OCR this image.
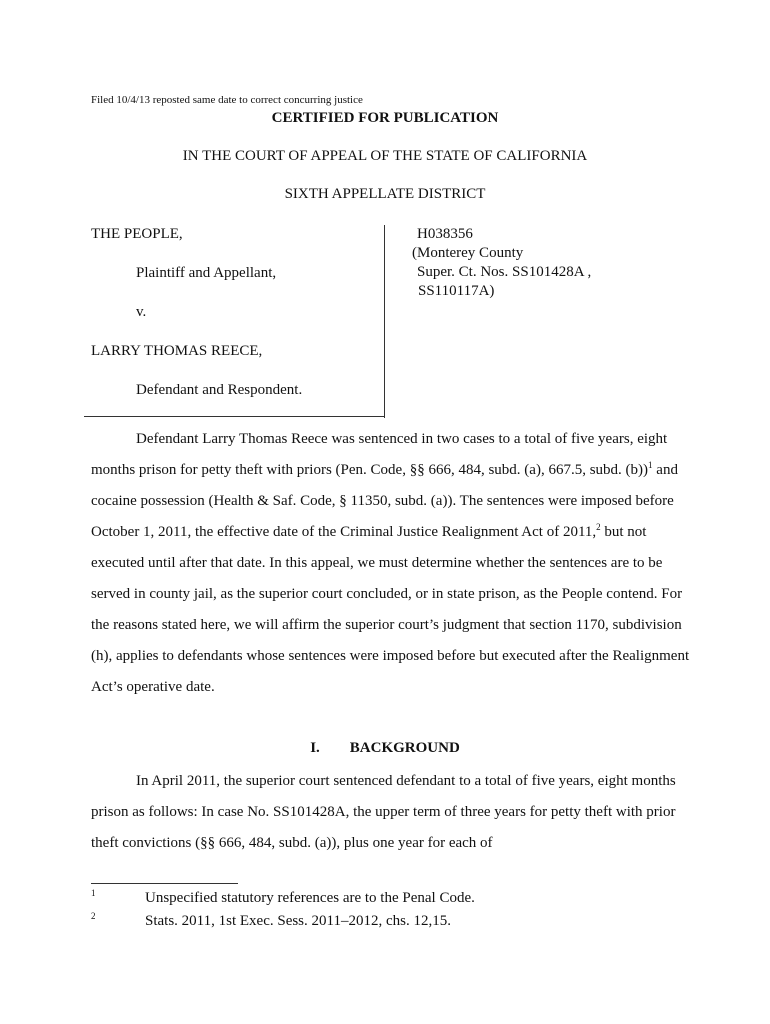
Filed 10/4/13 reposted same date to correct concurring justice
CERTIFIED FOR PUBLICATION
IN THE COURT OF APPEAL OF THE STATE OF CALIFORNIA
SIXTH APPELLATE DISTRICT
THE PEOPLE,
Plaintiff and Appellant,
v.
LARRY THOMAS REECE,
Defendant and Respondent.
H038356
(Monterey County
Super. Ct. Nos. SS101428A ,
SS110117A)

Defendant Larry Thomas Reece was sentenced in two cases to a total of five years, eight months prison for petty theft with priors (Pen. Code, §§ 666, 484, subd. (a), 667.5, subd. (b))$^1$ and cocaine possession (Health & Saf. Code, § 11350, subd. (a)). The sentences were imposed before October 1, 2011, the effective date of the Criminal Justice Realignment Act of 2011,$^2$ but not executed until after that date. In this appeal, we must determine whether the sentences are to be served in county jail, as the superior court concluded, or in state prison, as the People contend. For the reasons stated here, we will affirm the superior court’s judgment that section 1170, subdivision (h), applies to defendants whose sentences were imposed before but executed after the Realignment Act’s operative date.

I. BACKGROUND

In April 2011, the superior court sentenced defendant to a total of five years, eight months prison as follows: In case No. SS101428A, the upper term of three years for petty theft with prior theft convictions (§§ 666, 484, subd. (a)), plus one year for each of

1	Unspecified statutory references are to the Penal Code.
2	Stats. 2011, 1st Exec. Sess. 2011–2012, chs. 12,15.
